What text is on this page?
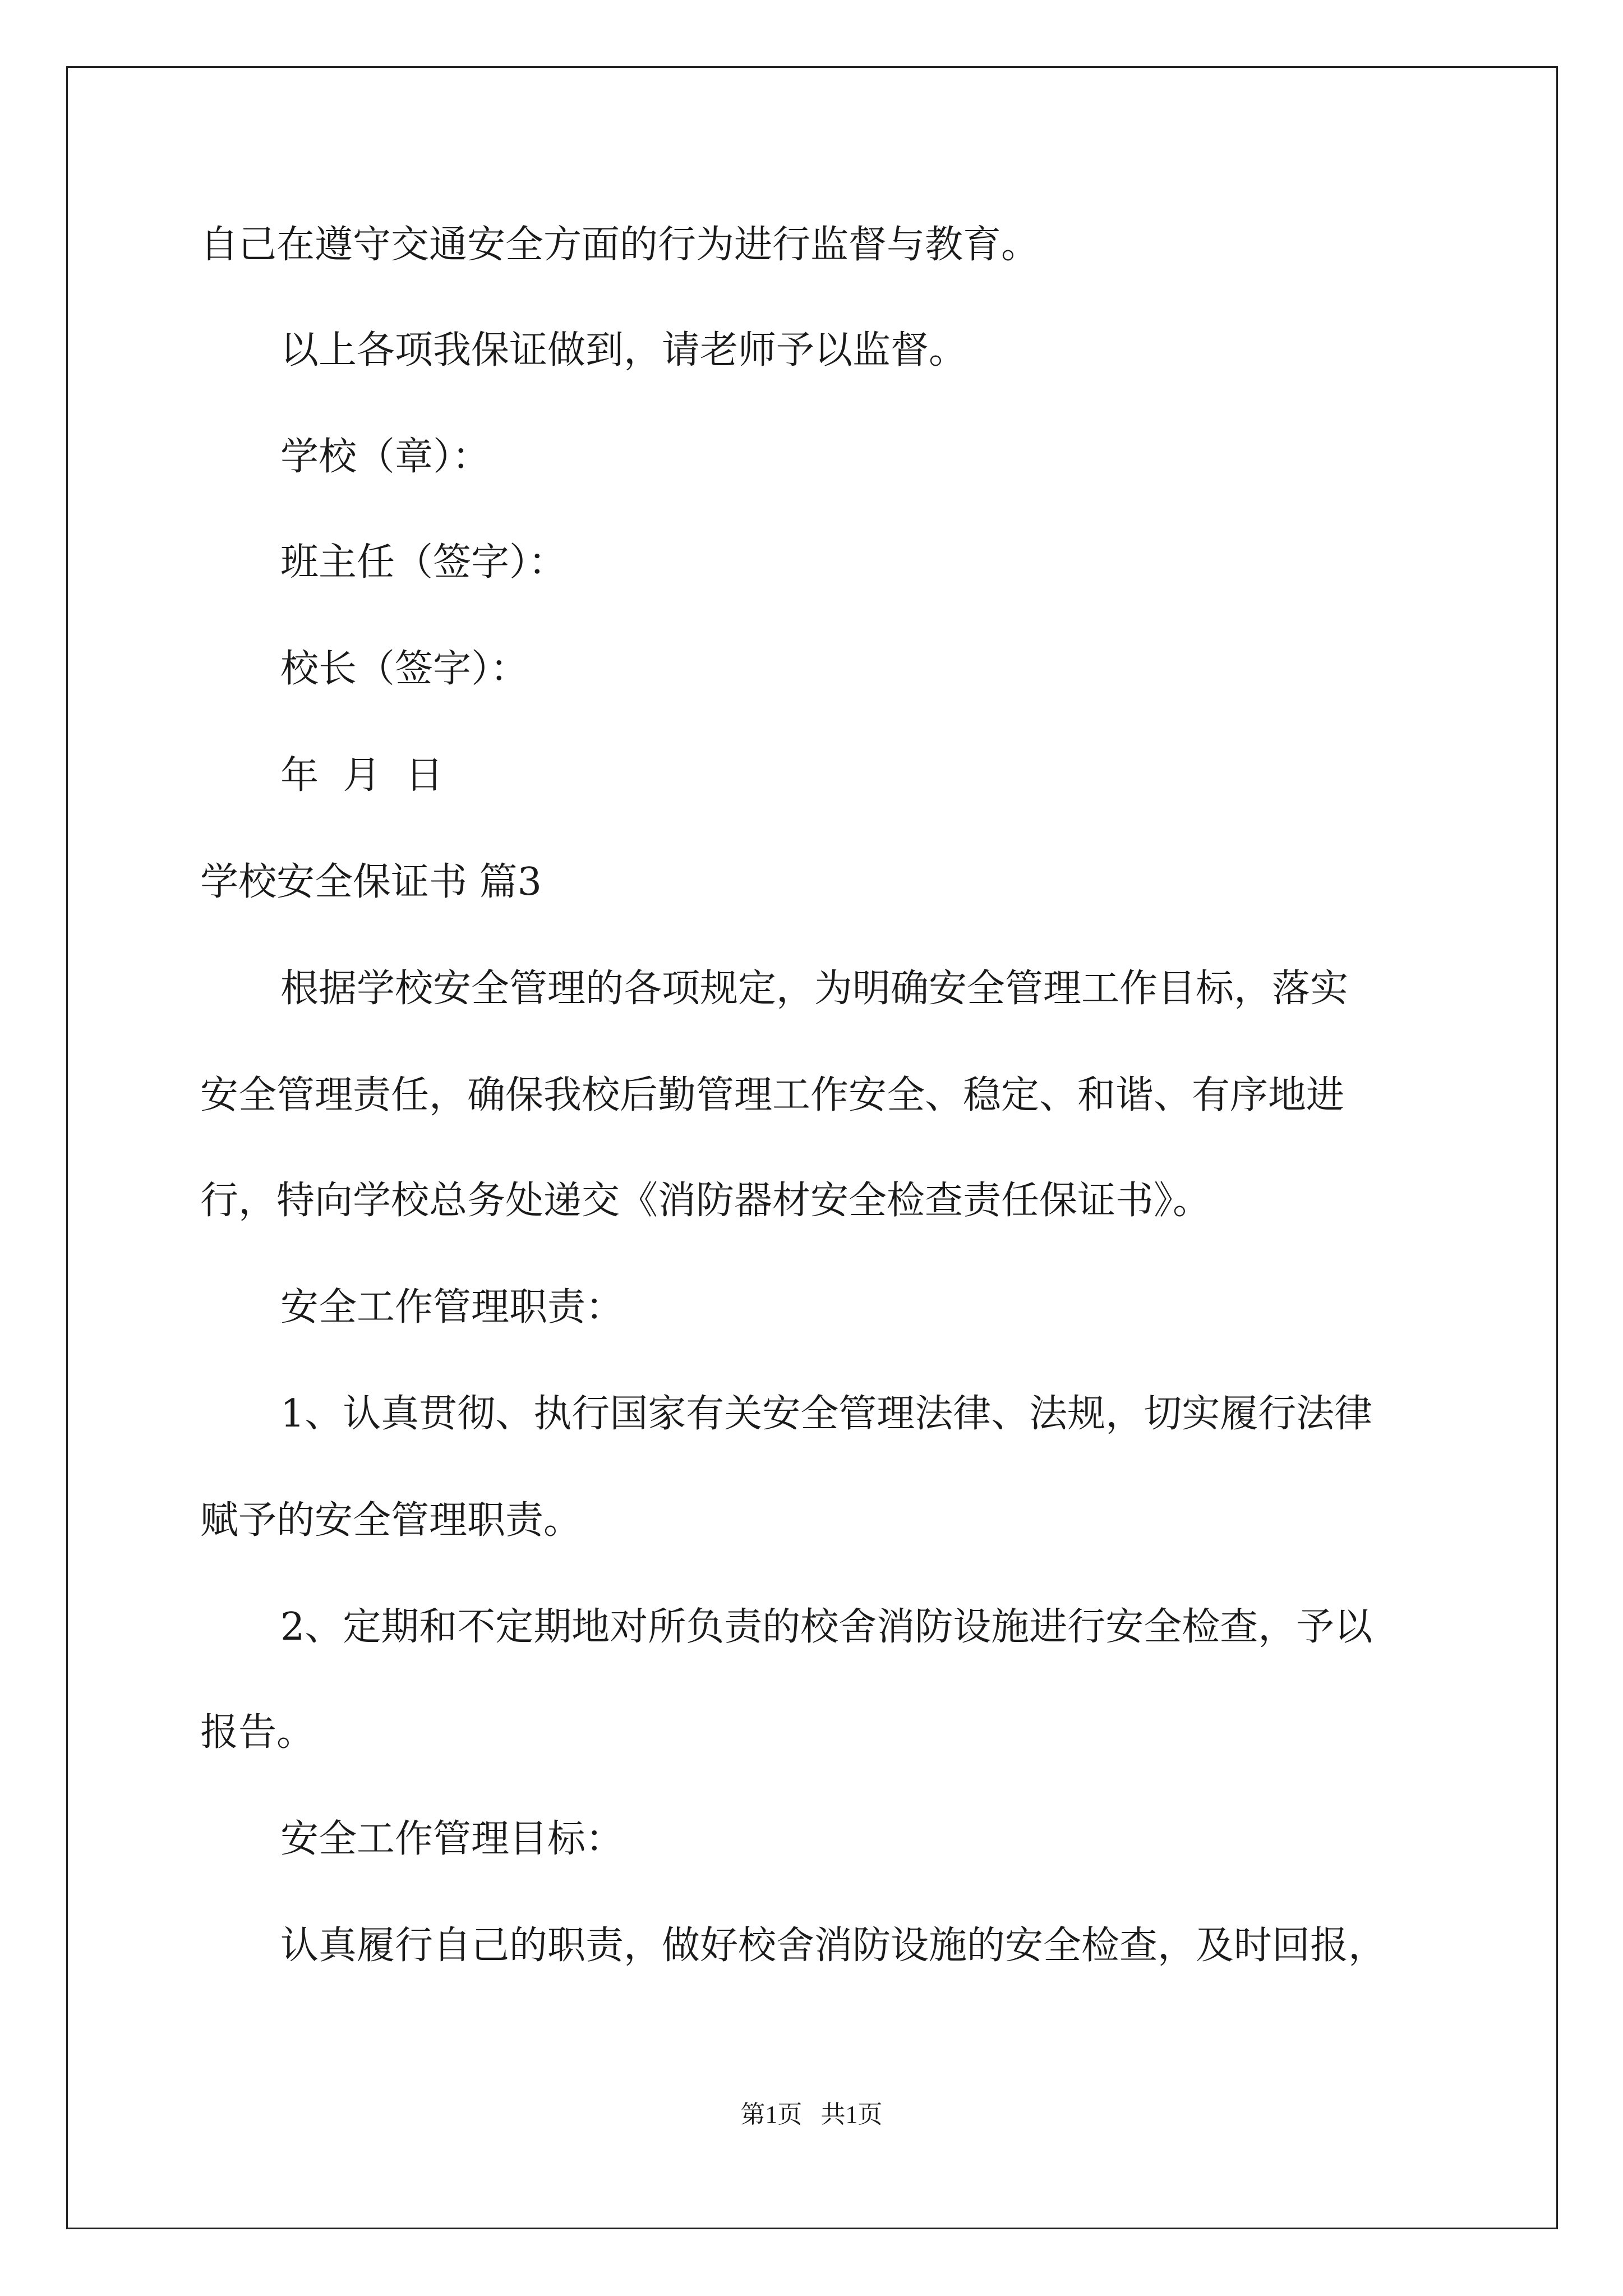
自己在遵守交通安全方面的行为进行监督与教育。
以上各项我保证做到，请老师予以监督。
学校（章）：
班主任（签字）：
校长（签字）：
年  月  日
学校安全保证书 篇3
根据学校安全管理的各项规定，为明确安全管理工作目标，落实
安全管理责任，确保我校后勤管理工作安全、稳定、和谐、有序地进
行，特向学校总务处递交《消防器材安全检查责任保证书》。
安全工作管理职责：
1、认真贯彻、执行国家有关安全管理法律、法规，切实履行法律
赋予的安全管理职责。
2、定期和不定期地对所负责的校舍消防设施进行安全检查，予以
报告。
安全工作管理目标：
认真履行自己的职责，做好校舍消防设施的安全检查，及时回报，
第1页   共1页
